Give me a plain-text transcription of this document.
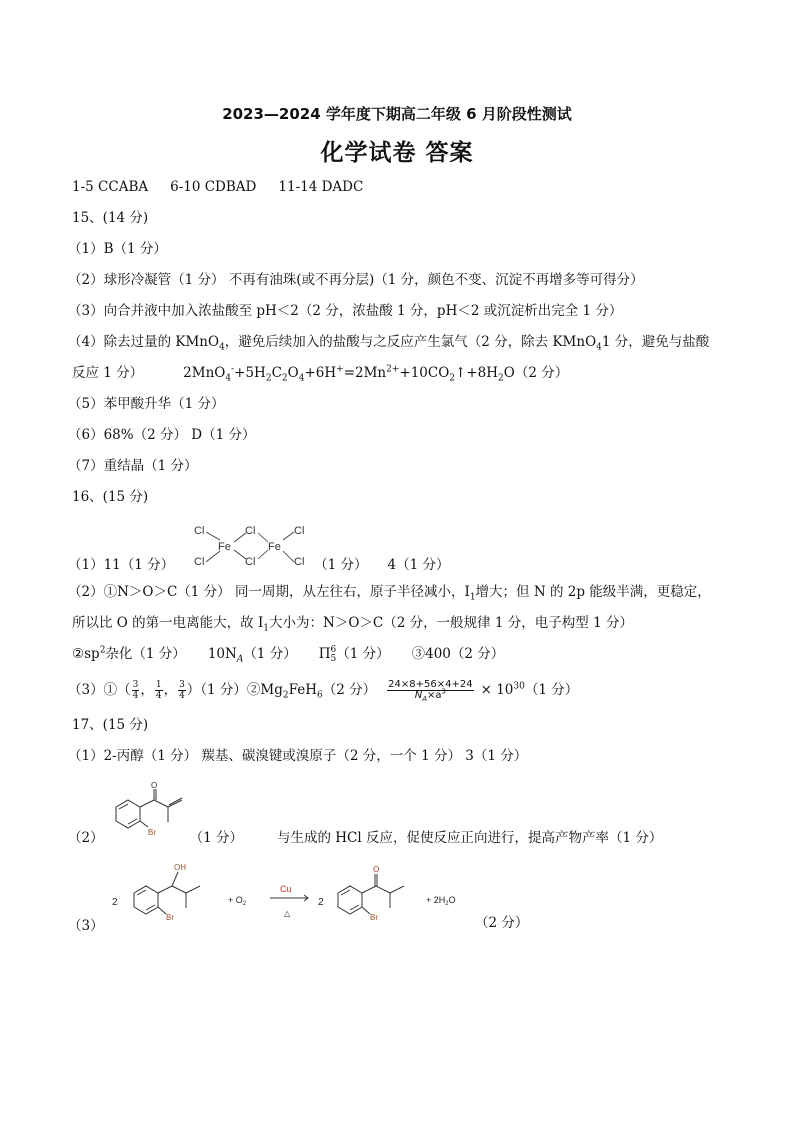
2023—2024 学年度下期高二年级 6 月阶段性测试
化学试卷 答案
1-5 CCABA 6-10 CDBAD 11-14 DADC
15、(14 分)
（1）B（1 分）
（2）球形冷凝管（1 分） 不再有油珠(或不再分层)（1 分，颜色不变、沉淀不再增多等可得分）
（3）向合并液中加入浓盐酸至 pH＜2（2 分，浓盐酸 1 分，pH＜2 或沉淀析出完全 1 分）
（4）除去过量的 KMnO$_4$，避免后续加入的盐酸与之反应产生氯气（2 分，除去 KMnO$_4$1 分，避免与盐酸
反应 1 分）	$2MnO_4^-+5H_2C_2O_4+6H^+=2Mn^{2+}+10CO_2↑+8H_2O(2$ 分）
（5）苯甲酸升华（1 分）
（6）68%（2 分） D（1 分）
（7）重结晶（1 分）
16、(15 分)
Cl
Cl
Fe
Cl
Cl
Fe
Cl
Cl
（1）11（1 分）	（1 分） 4（1 分）
（2）①N＞O＞C（1 分） 同一周期，从左往右，原子半径减小，$I_1$增大；但 N 的 2p 能级半满，更稳定，
所以比 O 的第一电离能大，故 $I_1$大小为：N＞O＞C（2 分，一般规律 1 分，电子构型 1 分）
$②sp^2$杂化（1 分） $10N_A(1$ 分） Π 6
5 （1 分） ③400（2 分）
（3）①（ $\frac{3}{4}$ ， $\frac{1}{4}$ ， $\frac{3}{4} )(1$ 分）$②Mg_2FeH_6(2$ 分） $\frac{24\times 8+56\times 4+24}{N_A\times a^3} \times 10^{30}(1$ 分）
17、(15 分)
（1）2-丙醇（1 分） 羰基、碳溴键或溴原子（2 分，一个 1 分） 3（1 分）
O
Br
（2）	（1 分）	与生成的 HCl 反应，促使反应正向进行，提高产物产率（1 分）
2
OH
Br
+ $O_2$
Cu
△
2
O
Br
+ $2H_2O$
（3）	（2 分）
